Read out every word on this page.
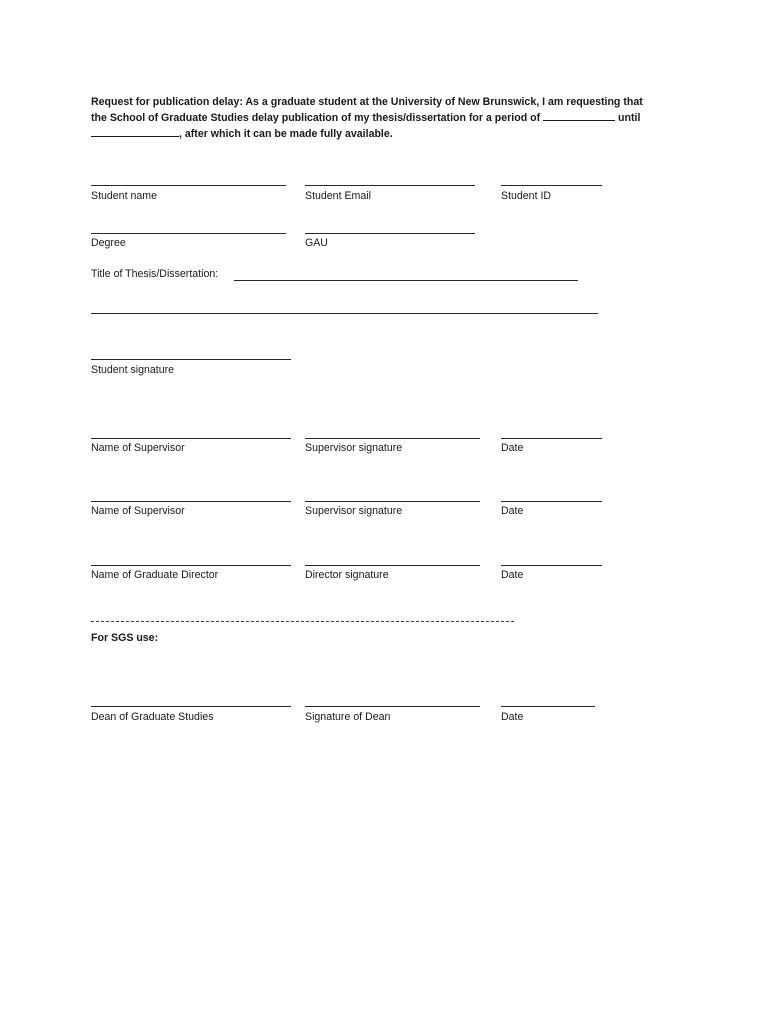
Request for publication delay: As a graduate student at the University of New Brunswick, I am requesting that
the School of Graduate Studies delay publication of my thesis/dissertation for a period of	until
, after which it can be made fully available.
Student name	Student Email	Student ID
Degree	GAU
Title of Thesis/Dissertation:
Student signature
Name of Supervisor	Supervisor signature	Date
Name of Supervisor	Supervisor signature	Date
Name of Graduate Director	Director signature	Date
For SGS use:
Dean of Graduate Studies	Signature of Dean	Date
